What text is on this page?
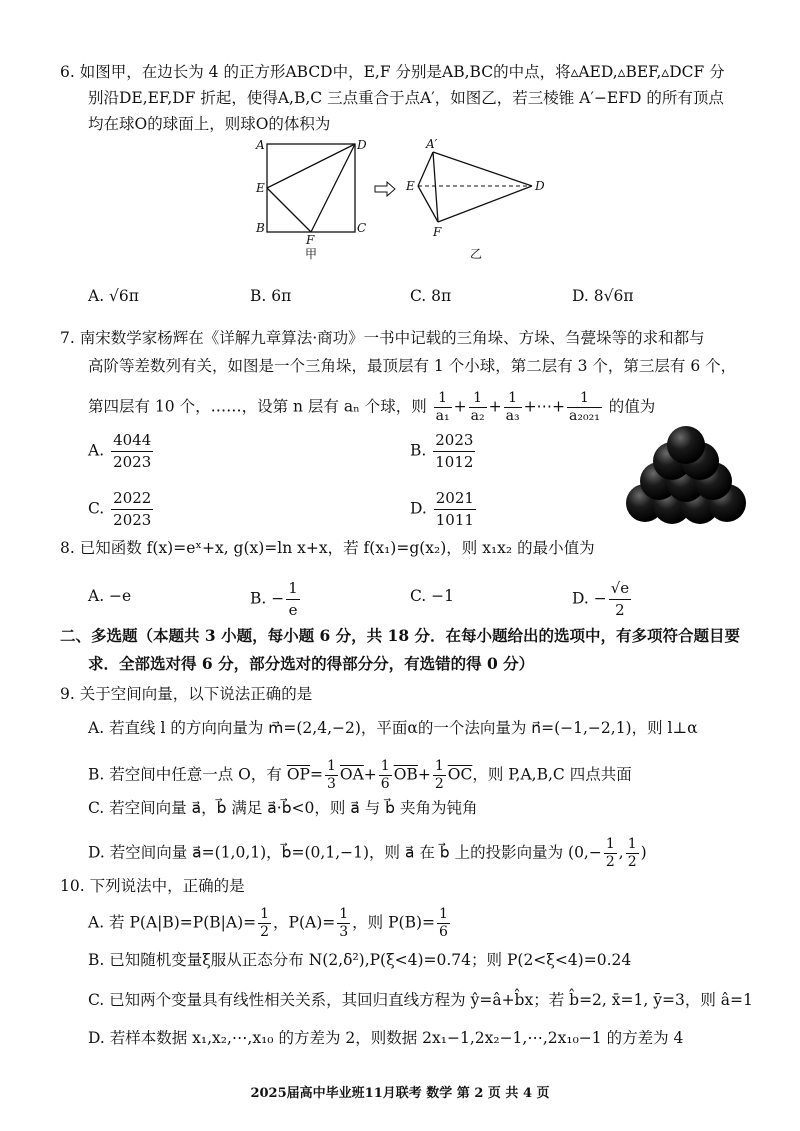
6. 如图甲，在边长为 4 的正方形ABCD中，E,F 分别是AB,BC的中点，将▵AED,▵BEF,▵DCF 分
别沿DE,EF,DF 折起，使得A,B,C 三点重合于点A′，如图乙，若三棱锥 A′−EFD 的所有顶点
均在球O的球面上，则球O的体积为
A	D
E
B
F
C
甲
A′
E	D
F
乙
A. √6π	B. 6π	C. 8π	D. 8√6π
7. 南宋数学家杨辉在《详解九章算法·商功》一书中记载的三角垛、方垛、刍甍垛等的求和都与
高阶等差数列有关，如图是一个三角垛，最顶层有 1 个小球，第二层有 3 个，第三层有 6 个，
第四层有 10 个，……，设第 n 层有 aₙ 个球，则 $\frac{1}{\text{a₁}} + \frac{1}{\text{a₂}} + \frac{1}{\text{a₃}}$ +⋯+ $\frac{1}{\text{a₂₀₂₁}}$ 的值为
A. $\frac{4044}{2023}$	B. $\frac{2023}{1012}$
C. $\frac{2022}{2023}$	D. $\frac{2021}{1011}$
8. 已知函数 f(x)=eˣ+x, g(x)=ln x+x，若 f(x₁)=g(x₂)，则 x₁x₂ 的最小值为
A. −e	B. − $\frac{1}{e}$	C. −1	D. − $\frac{√e}{2}$
二、多选题（本题共 3 小题，每小题 6 分，共 18 分．在每小题给出的选项中，有多项符合题目要
求．全部选对得 6 分，部分选对的得部分分，有选错的得 0 分）
9. 关于空间向量，以下说法正确的是
A. 若直线 l 的方向向量为 m⃗=(2,4,−2)，平面α的一个法向量为 n⃗=(−1,−2,1)，则 l⊥α
B. 若空间中任意一点 O，有 $\overline{OP}= \frac{1}{3} \overline{OA}+ \frac{1}{6} \overline{OB}+ \frac{1}{2} \overline{OC}$，则 P,A,B,C 四点共面
C. 若空间向量 a⃗，b⃗ 满足 a⃗·b⃗<0，则 a⃗ 与 b⃗ 夹角为钝角
D. 若空间向量 a⃗=(1,0,1)，b⃗=(0,1,−1)，则 a⃗ 在 b⃗ 上的投影向量为 ($0,- \frac{1}{2}$ , $\frac{1}{2}$ )
10. 下列说法中，正确的是
A. 若 $P(A|B)=P(B|A)= \frac{1}{2}$ ，$P(A)= \frac{1}{3}$ ，则 $P(B)= \frac{1}{6}$
B. 已知随机变量ξ服从正态分布 N(2,δ²),P(ξ<4)=0.74；则 P(2<ξ<4)=0.24
C. 已知两个变量具有线性相关关系，其回归直线方程为 ŷ=â+b̂x；若 b̂=2, x̄=1, ȳ=3，则 â=1
D. 若样本数据 x₁,x₂,⋯,x₁₀ 的方差为 2，则数据 2x₁−1,2x₂−1,⋯,2x₁₀−1 的方差为 4
2025届高中毕业班11月联考 数学 第 2 页 共 4 页
